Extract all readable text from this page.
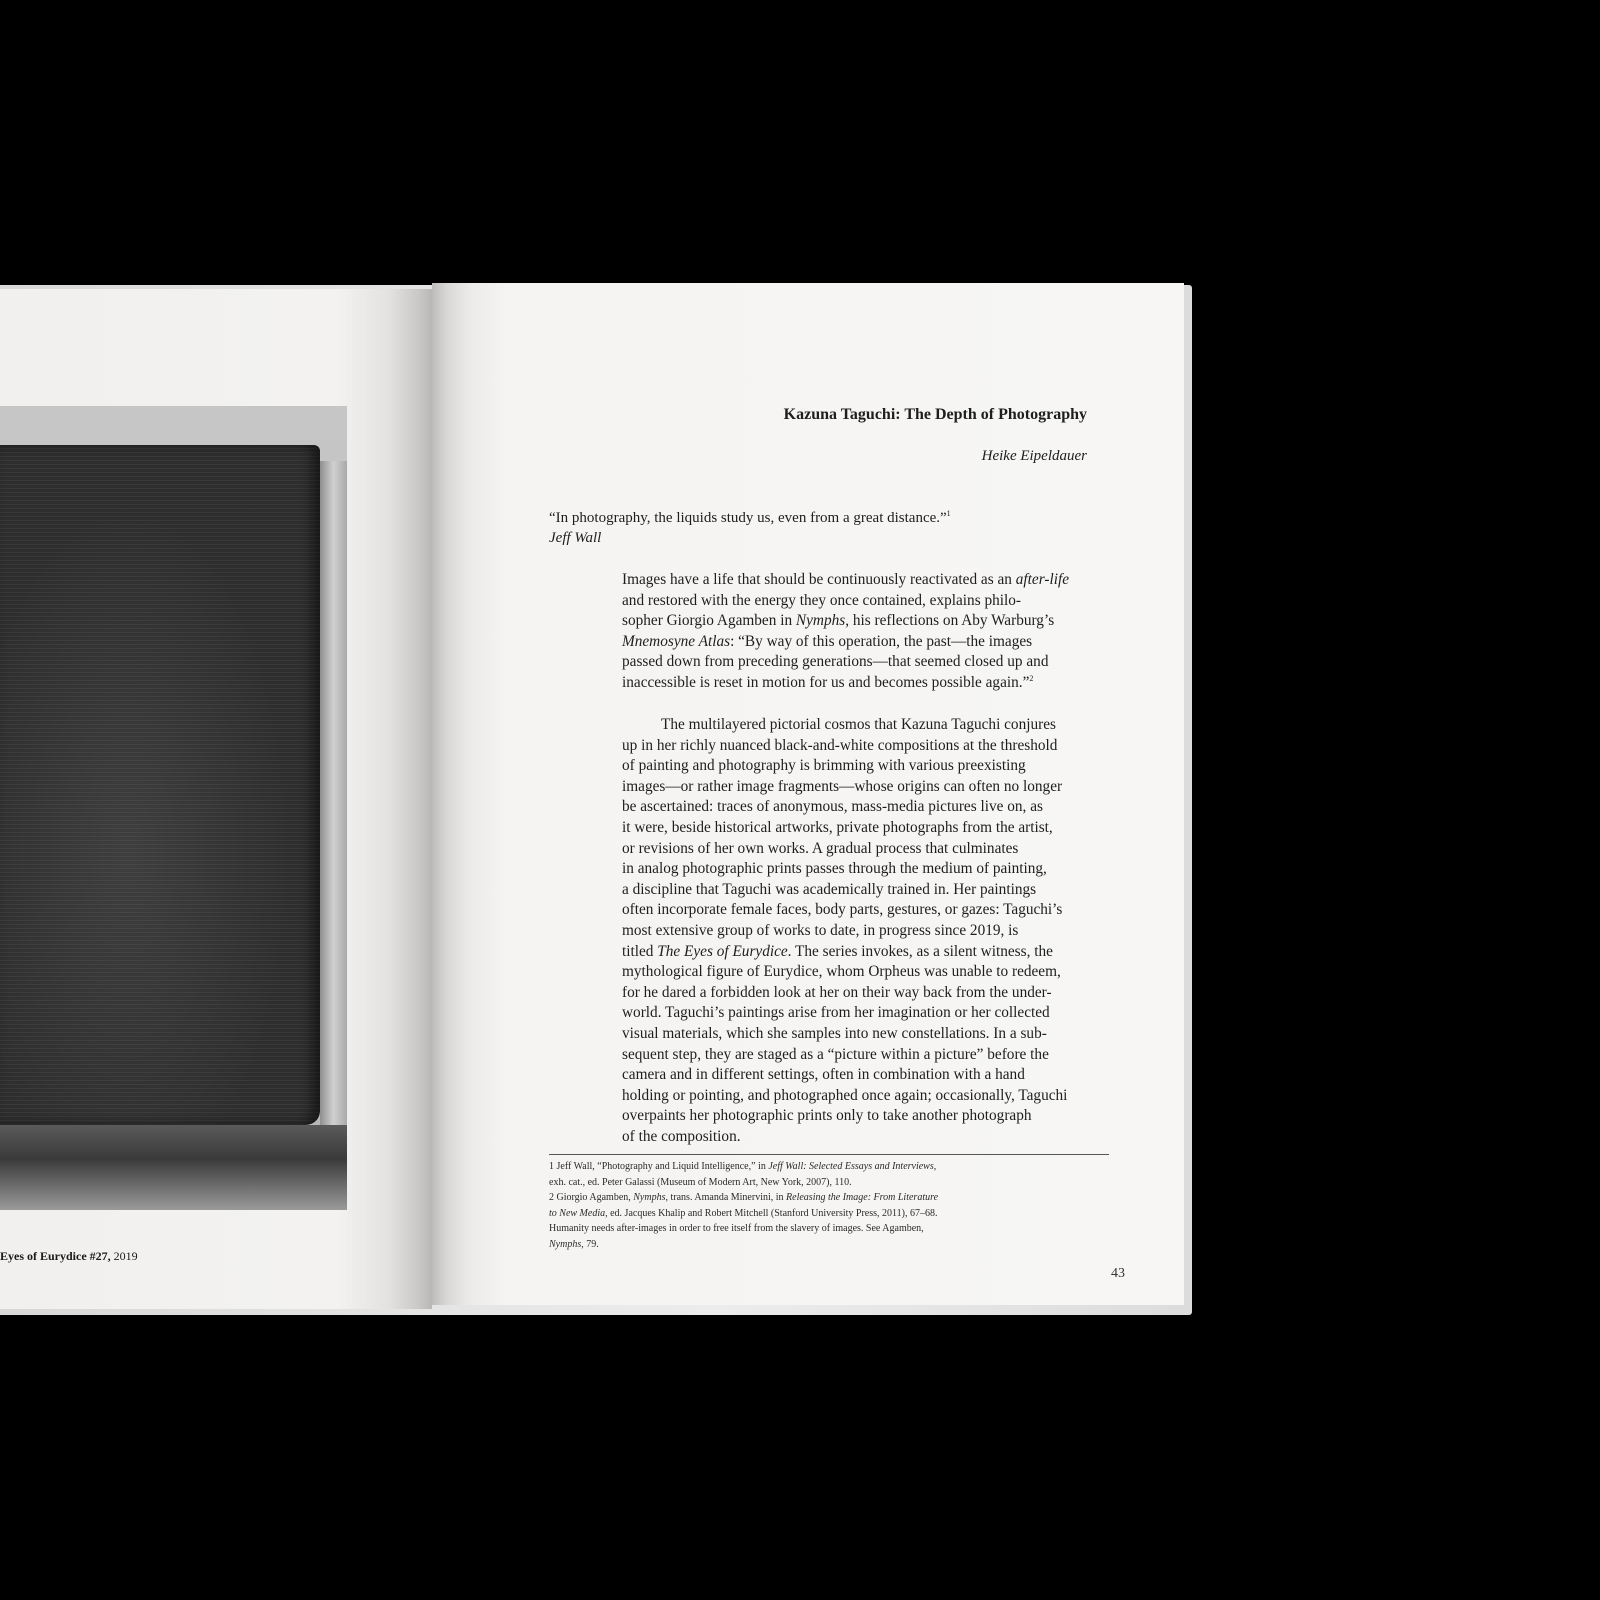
Eyes of Eurydice #27, 2019
Kazuna Taguchi: The Depth of Photography
Heike Eipeldauer
“In photography, the liquids study us, even from a great distance.”$^1$
Jeff Wall
Images have a life that should be continuously reactivated as an after-life
and restored with the energy they once contained, explains philo-
sopher Giorgio Agamben in Nymphs, his reflections on Aby Warburg’s
Mnemosyne Atlas: “By way of this operation, the past—the images
passed down from preceding generations—that seemed closed up and
inaccessible is reset in motion for us and becomes possible again.”$^2$
The multilayered pictorial cosmos that Kazuna Taguchi conjures
up in her richly nuanced black-and-white compositions at the threshold
of painting and photography is brimming with various preexisting
images—or rather image fragments—whose origins can often no longer
be ascertained: traces of anonymous, mass-media pictures live on, as
it were, beside historical artworks, private photographs from the artist,
or revisions of her own works. A gradual process that culminates
in analog photographic prints passes through the medium of painting,
a discipline that Taguchi was academically trained in. Her paintings
often incorporate female faces, body parts, gestures, or gazes: Taguchi’s
most extensive group of works to date, in progress since 2019, is
titled The Eyes of Eurydice. The series invokes, as a silent witness, the
mythological figure of Eurydice, whom Orpheus was unable to redeem,
for he dared a forbidden look at her on their way back from the under-
world. Taguchi’s paintings arise from her imagination or her collected
visual materials, which she samples into new constellations. In a sub-
sequent step, they are staged as a “picture within a picture” before the
camera and in different settings, often in combination with a hand
holding or pointing, and photographed once again; occasionally, Taguchi
overpaints her photographic prints only to take another photograph
of the composition.
1 Jeff Wall, “Photography and Liquid Intelligence,” in Jeff Wall: Selected Essays and Interviews,
exh. cat., ed. Peter Galassi (Museum of Modern Art, New York, 2007), 110.
2 Giorgio Agamben, Nymphs, trans. Amanda Minervini, in Releasing the Image: From Literature
to New Media, ed. Jacques Khalip and Robert Mitchell (Stanford University Press, 2011), 67–68.
Humanity needs after-images in order to free itself from the slavery of images. See Agamben,
Nymphs, 79.
43
